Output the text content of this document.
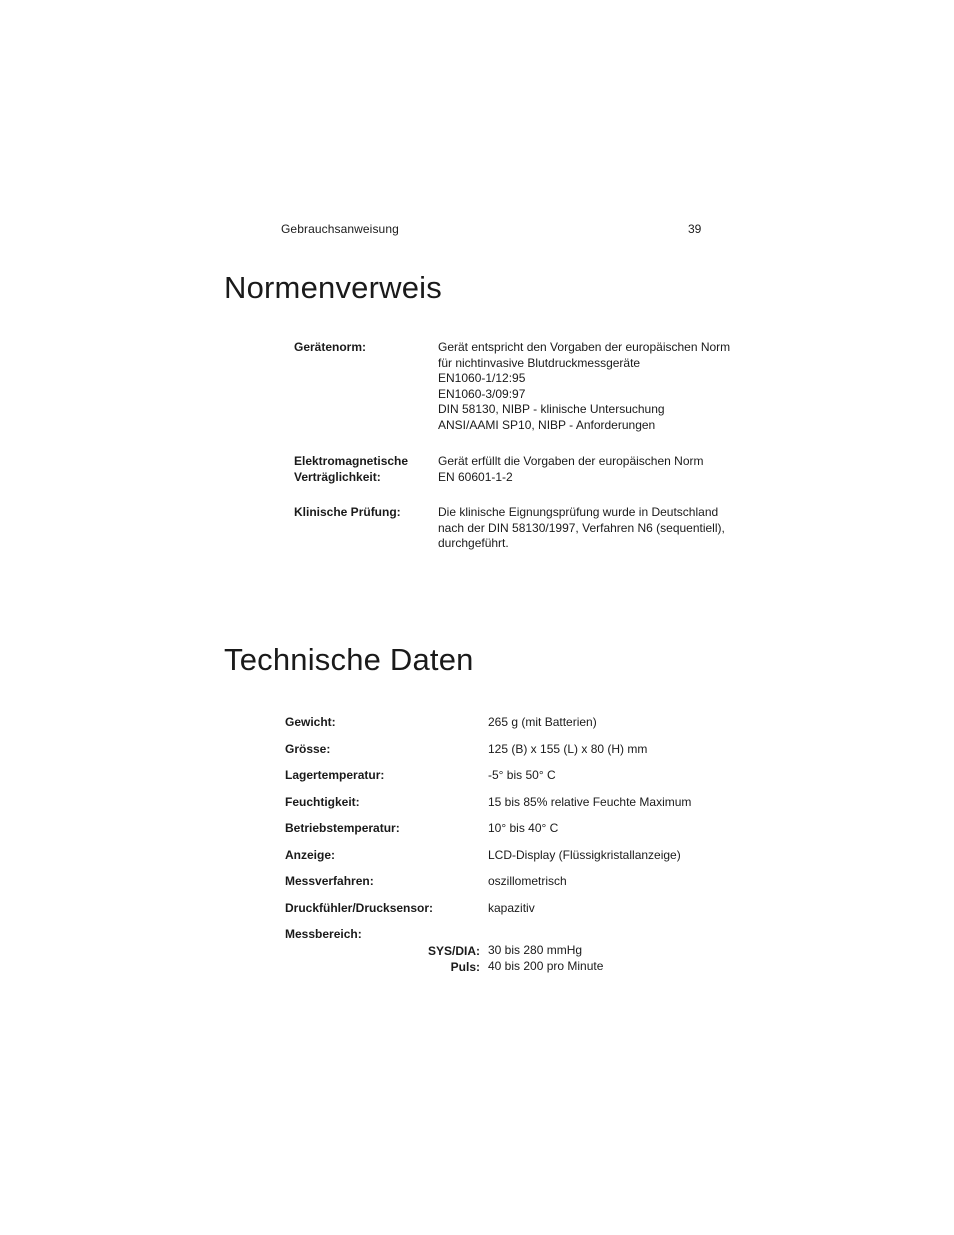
Gebrauchsanweisung	39
Normenverweis
Gerätenorm:	Gerät entspricht den Vorgaben der europäischen Norm
für nichtinvasive Blutdruckmessgeräte
EN1060-1/12:95
EN1060-3/09:97
DIN 58130, NIBP - klinische Untersuchung
ANSI/AAMI SP10, NIBP - Anforderungen
Elektromagnetische
Verträglichkeit:
Gerät erfüllt die Vorgaben der europäischen Norm
EN 60601-1-2
Klinische Prüfung:	Die klinische Eignungsprüfung wurde in Deutschland
nach der DIN 58130/1997, Verfahren N6 (sequentiell),
durchgeführt.
Technische Daten
Gewicht:	265 g (mit Batterien)
Grösse:	125 (B) x 155 (L) x 80 (H) mm
Lagertemperatur:	-5° bis 50° C
Feuchtigkeit:	15 bis 85% relative Feuchte Maximum
Betriebstemperatur:	10° bis 40° C
Anzeige:	LCD-Display (Flüssigkristallanzeige)
Messverfahren:	oszillometrisch
Druckfühler/Drucksensor:	kapazitiv
Messbereich:
SYS/DIA: 30 bis 280 mmHg
Puls: 40 bis 200 pro Minute
